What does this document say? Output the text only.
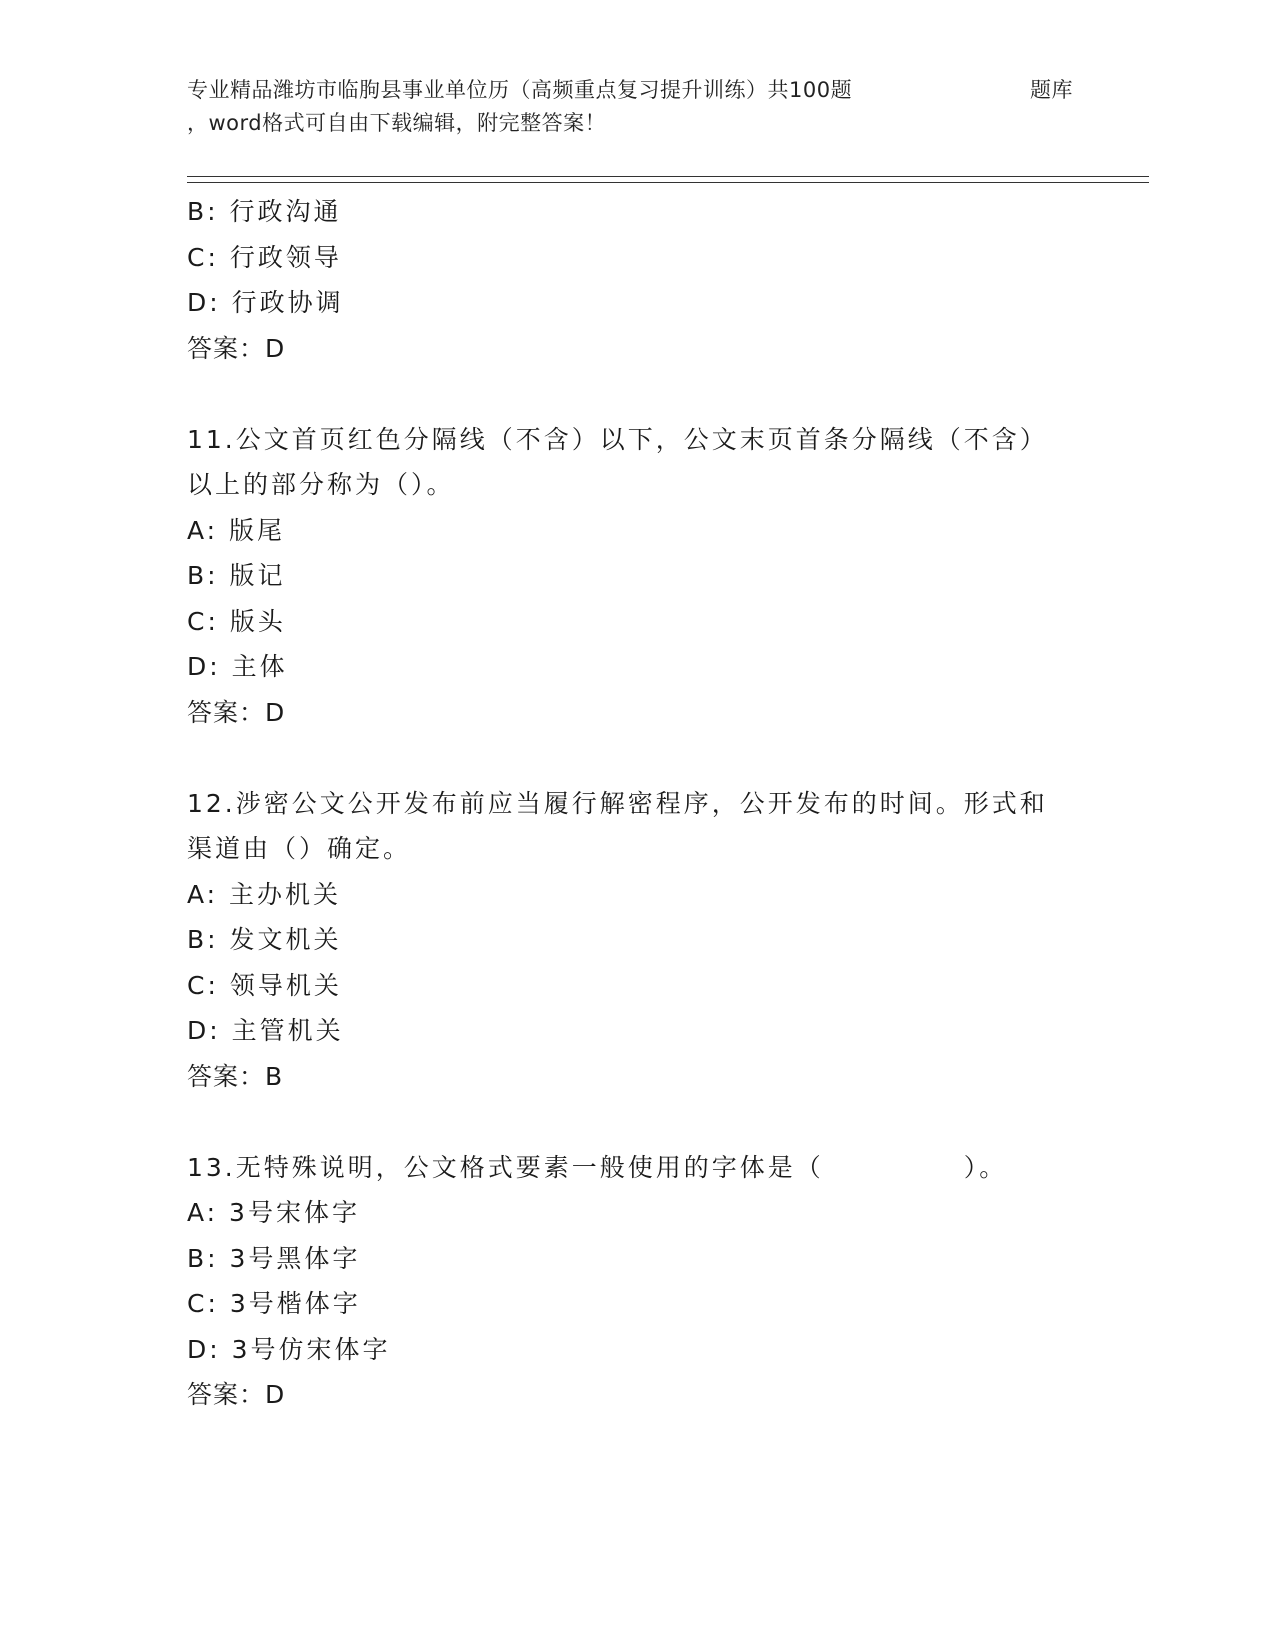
专业精品潍坊市临朐县事业单位历（高频重点复习提升训练）共100题	题库
，word格式可自由下载编辑，附完整答案！
B: 行政沟通
C: 行政领导
D: 行政协调
答案：D
11.公文首页红色分隔线（不含）以下，公文末页首条分隔线（不含）
以上的部分称为（）。
A: 版尾
B: 版记
C: 版头
D: 主体
答案：D
12.涉密公文公开发布前应当履行解密程序，公开发布的时间。形式和
渠道由（）确定。
A: 主办机关
B: 发文机关
C: 领导机关
D: 主管机关
答案：B
13.无特殊说明，公文格式要素一般使用的字体是（　　　　　）。
A: 3号宋体字
B: 3号黑体字
C: 3号楷体字
D: 3号仿宋体字
答案：D
